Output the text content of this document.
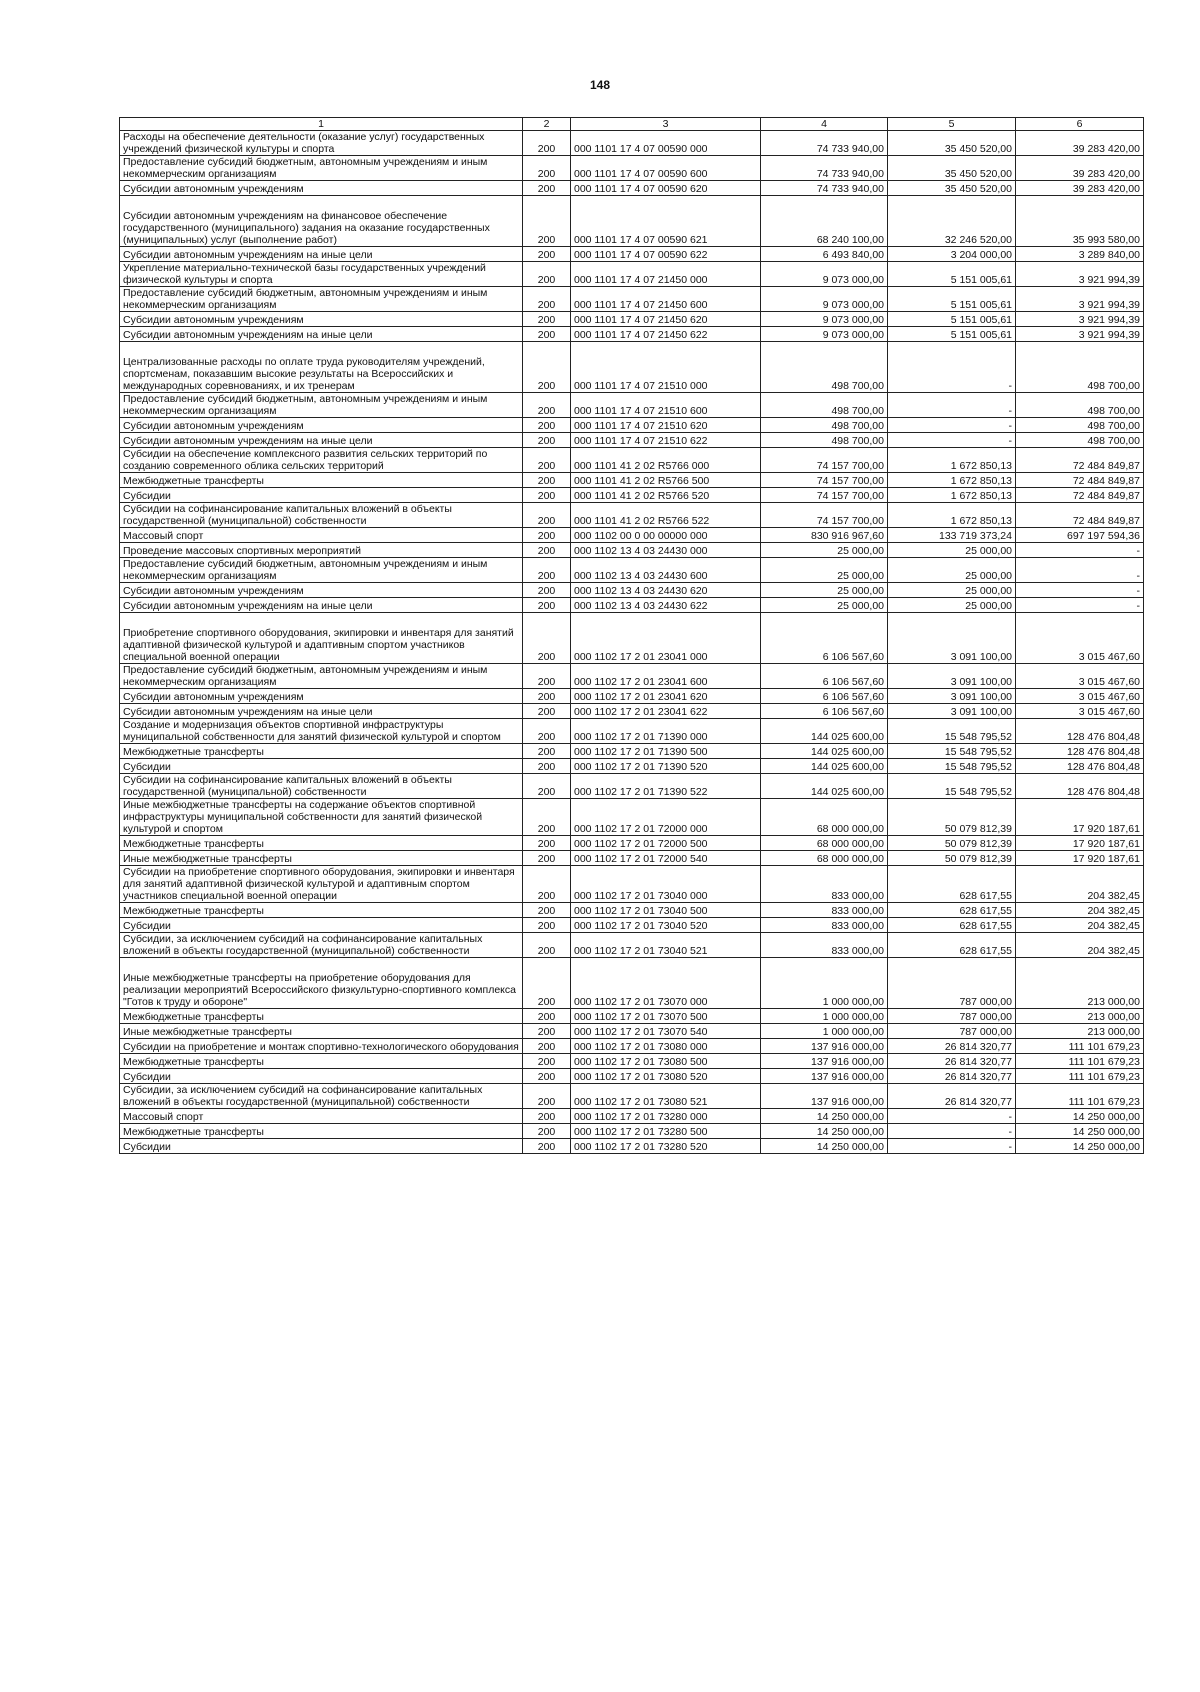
148
1	2	3	4	5	6
Расходы на обеспечение деятельности (оказание услуг) государственных учреждений физической культуры и спорта	200	000 1101 17 4 07 00590 000	74 733 940,00	35 450 520,00	39 283 420,00
Предоставление субсидий бюджетным, автономным учреждениям и иным некоммерческим организациям	200	000 1101 17 4 07 00590 600	74 733 940,00	35 450 520,00	39 283 420,00
Субсидии автономным учреждениям	200	000 1101 17 4 07 00590 620	74 733 940,00	35 450 520,00	39 283 420,00
Субсидии автономным учреждениям на финансовое обеспечение государственного (муниципального) задания на оказание государственных (муниципальных) услуг (выполнение работ)	200	000 1101 17 4 07 00590 621	68 240 100,00	32 246 520,00	35 993 580,00
Субсидии автономным учреждениям на иные цели	200	000 1101 17 4 07 00590 622	6 493 840,00	3 204 000,00	3 289 840,00
Укрепление материально-технической базы государственных учреждений физической культуры и спорта	200	000 1101 17 4 07 21450 000	9 073 000,00	5 151 005,61	3 921 994,39
Предоставление субсидий бюджетным, автономным учреждениям и иным некоммерческим организациям	200	000 1101 17 4 07 21450 600	9 073 000,00	5 151 005,61	3 921 994,39
Субсидии автономным учреждениям	200	000 1101 17 4 07 21450 620	9 073 000,00	5 151 005,61	3 921 994,39
Субсидии автономным учреждениям на иные цели	200	000 1101 17 4 07 21450 622	9 073 000,00	5 151 005,61	3 921 994,39
Централизованные расходы по оплате труда руководителям учреждений, спортсменам, показавшим высокие результаты на Всероссийских и международных соревнованиях, и их тренерам	200	000 1101 17 4 07 21510 000	498 700,00	-	498 700,00
Предоставление субсидий бюджетным, автономным учреждениям и иным некоммерческим организациям	200	000 1101 17 4 07 21510 600	498 700,00	-	498 700,00
Субсидии автономным учреждениям	200	000 1101 17 4 07 21510 620	498 700,00	-	498 700,00
Субсидии автономным учреждениям на иные цели	200	000 1101 17 4 07 21510 622	498 700,00	-	498 700,00
Субсидии на обеспечение комплексного развития сельских территорий по созданию современного облика сельских территорий	200	000 1101 41 2 02 R5766 000	74 157 700,00	1 672 850,13	72 484 849,87
Межбюджетные трансферты	200	000 1101 41 2 02 R5766 500	74 157 700,00	1 672 850,13	72 484 849,87
Субсидии	200	000 1101 41 2 02 R5766 520	74 157 700,00	1 672 850,13	72 484 849,87
Субсидии на софинансирование капитальных вложений в объекты государственной (муниципальной) собственности	200	000 1101 41 2 02 R5766 522	74 157 700,00	1 672 850,13	72 484 849,87
Массовый спорт	200	000 1102 00 0 00 00000 000	830 916 967,60	133 719 373,24	697 197 594,36
Проведение массовых спортивных мероприятий	200	000 1102 13 4 03 24430 000	25 000,00	25 000,00	-
Предоставление субсидий бюджетным, автономным учреждениям и иным некоммерческим организациям	200	000 1102 13 4 03 24430 600	25 000,00	25 000,00	-
Субсидии автономным учреждениям	200	000 1102 13 4 03 24430 620	25 000,00	25 000,00	-
Субсидии автономным учреждениям на иные цели	200	000 1102 13 4 03 24430 622	25 000,00	25 000,00	-
Приобретение спортивного оборудования, экипировки и инвентаря для занятий адаптивной физической культурой и адаптивным спортом участников специальной военной операции	200	000 1102 17 2 01 23041 000	6 106 567,60	3 091 100,00	3 015 467,60
Предоставление субсидий бюджетным, автономным учреждениям и иным некоммерческим организациям	200	000 1102 17 2 01 23041 600	6 106 567,60	3 091 100,00	3 015 467,60
Субсидии автономным учреждениям	200	000 1102 17 2 01 23041 620	6 106 567,60	3 091 100,00	3 015 467,60
Субсидии автономным учреждениям на иные цели	200	000 1102 17 2 01 23041 622	6 106 567,60	3 091 100,00	3 015 467,60
Создание и модернизация объектов спортивной инфраструктуры муниципальной собственности для занятий физической культурой и спортом	200	000 1102 17 2 01 71390 000	144 025 600,00	15 548 795,52	128 476 804,48
Межбюджетные трансферты	200	000 1102 17 2 01 71390 500	144 025 600,00	15 548 795,52	128 476 804,48
Субсидии	200	000 1102 17 2 01 71390 520	144 025 600,00	15 548 795,52	128 476 804,48
Субсидии на софинансирование капитальных вложений в объекты государственной (муниципальной) собственности	200	000 1102 17 2 01 71390 522	144 025 600,00	15 548 795,52	128 476 804,48
Иные межбюджетные трансферты на содержание объектов спортивной инфраструктуры муниципальной собственности для занятий физической культурой и спортом	200	000 1102 17 2 01 72000 000	68 000 000,00	50 079 812,39	17 920 187,61
Межбюджетные трансферты	200	000 1102 17 2 01 72000 500	68 000 000,00	50 079 812,39	17 920 187,61
Иные межбюджетные трансферты	200	000 1102 17 2 01 72000 540	68 000 000,00	50 079 812,39	17 920 187,61
Субсидии на приобретение спортивного оборудования, экипировки и инвентаря для занятий адаптивной физической культурой и адаптивным спортом участников специальной военной операции	200	000 1102 17 2 01 73040 000	833 000,00	628 617,55	204 382,45
Межбюджетные трансферты	200	000 1102 17 2 01 73040 500	833 000,00	628 617,55	204 382,45
Субсидии	200	000 1102 17 2 01 73040 520	833 000,00	628 617,55	204 382,45
Субсидии, за исключением субсидий на софинансирование капитальных вложений в объекты государственной (муниципальной) собственности	200	000 1102 17 2 01 73040 521	833 000,00	628 617,55	204 382,45
Иные межбюджетные трансферты на приобретение оборудования для реализации мероприятий Всероссийского физкультурно-спортивного комплекса "Готов к труду и обороне"	200	000 1102 17 2 01 73070 000	1 000 000,00	787 000,00	213 000,00
Межбюджетные трансферты	200	000 1102 17 2 01 73070 500	1 000 000,00	787 000,00	213 000,00
Иные межбюджетные трансферты	200	000 1102 17 2 01 73070 540	1 000 000,00	787 000,00	213 000,00
Субсидии на приобретение и монтаж спортивно-технологического оборудования	200	000 1102 17 2 01 73080 000	137 916 000,00	26 814 320,77	111 101 679,23
Межбюджетные трансферты	200	000 1102 17 2 01 73080 500	137 916 000,00	26 814 320,77	111 101 679,23
Субсидии	200	000 1102 17 2 01 73080 520	137 916 000,00	26 814 320,77	111 101 679,23
Субсидии, за исключением субсидий на софинансирование капитальных вложений в объекты государственной (муниципальной) собственности	200	000 1102 17 2 01 73080 521	137 916 000,00	26 814 320,77	111 101 679,23
Массовый спорт	200	000 1102 17 2 01 73280 000	14 250 000,00	-	14 250 000,00
Межбюджетные трансферты	200	000 1102 17 2 01 73280 500	14 250 000,00	-	14 250 000,00
Субсидии	200	000 1102 17 2 01 73280 520	14 250 000,00	-	14 250 000,00
